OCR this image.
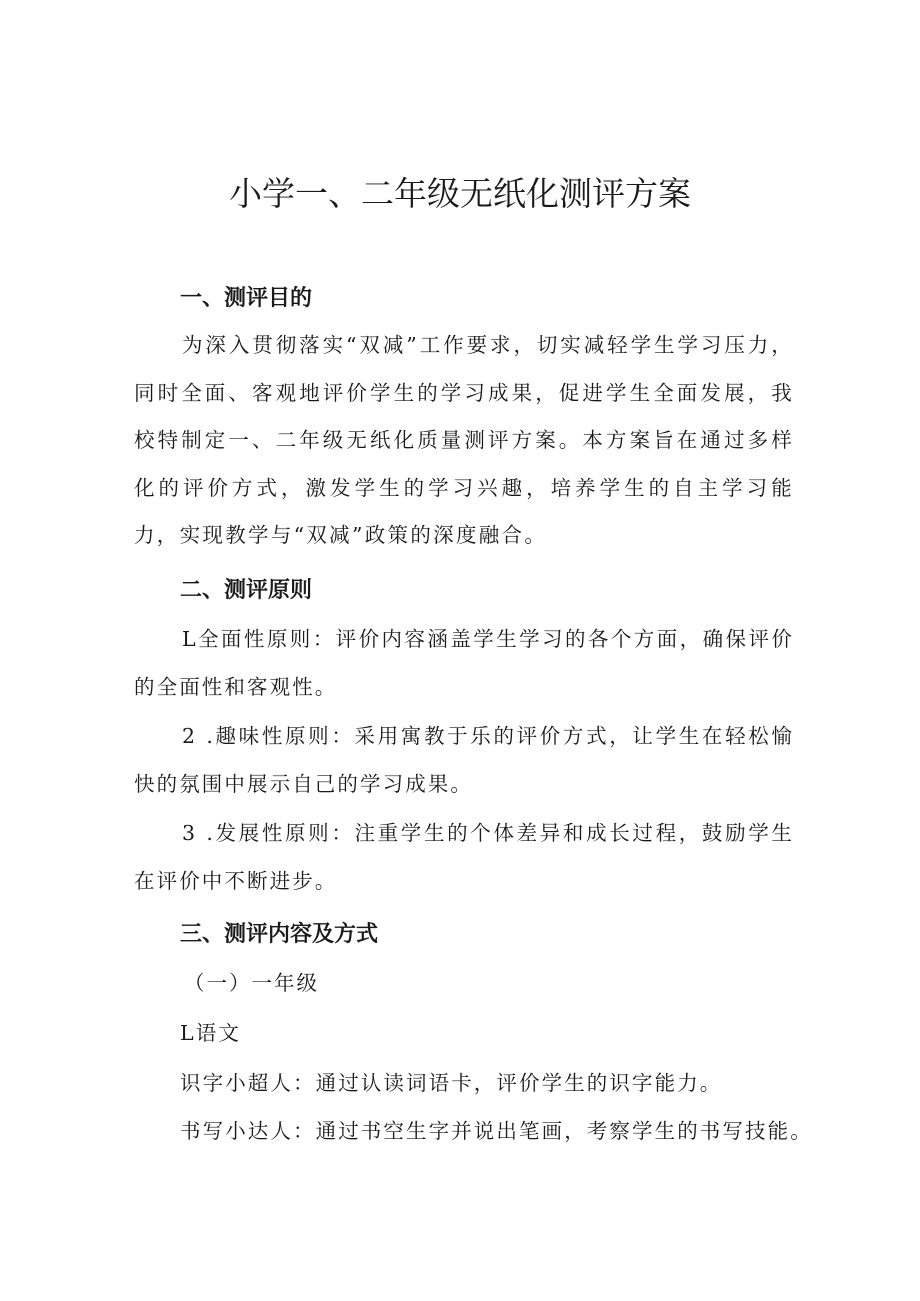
小学一、二年级无纸化测评方案
一、测评目的

为深入贯彻落实“双减”工作要求，切实减轻学生学习压力，同时全面、客观地评价学生的学习成果，促进学生全面发展，我校特制定一、二年级无纸化质量测评方案。本方案旨在通过多样化的评价方式，激发学生的学习兴趣，培养学生的自主学习能力，实现教学与“双减”政策的深度融合。

二、测评原则

L全面性原则：评价内容涵盖学生学习的各个方面，确保评价的全面性和客观性。

2 .趣味性原则：采用寓教于乐的评价方式，让学生在轻松愉快的氛围中展示自己的学习成果。

3 .发展性原则：注重学生的个体差异和成长过程，鼓励学生在评价中不断进步。

三、测评内容及方式

（一）一年级

L语文

识字小超人：通过认读词语卡，评价学生的识字能力。

书写小达人：通过书空生字并说出笔画，考察学生的书写技能。
